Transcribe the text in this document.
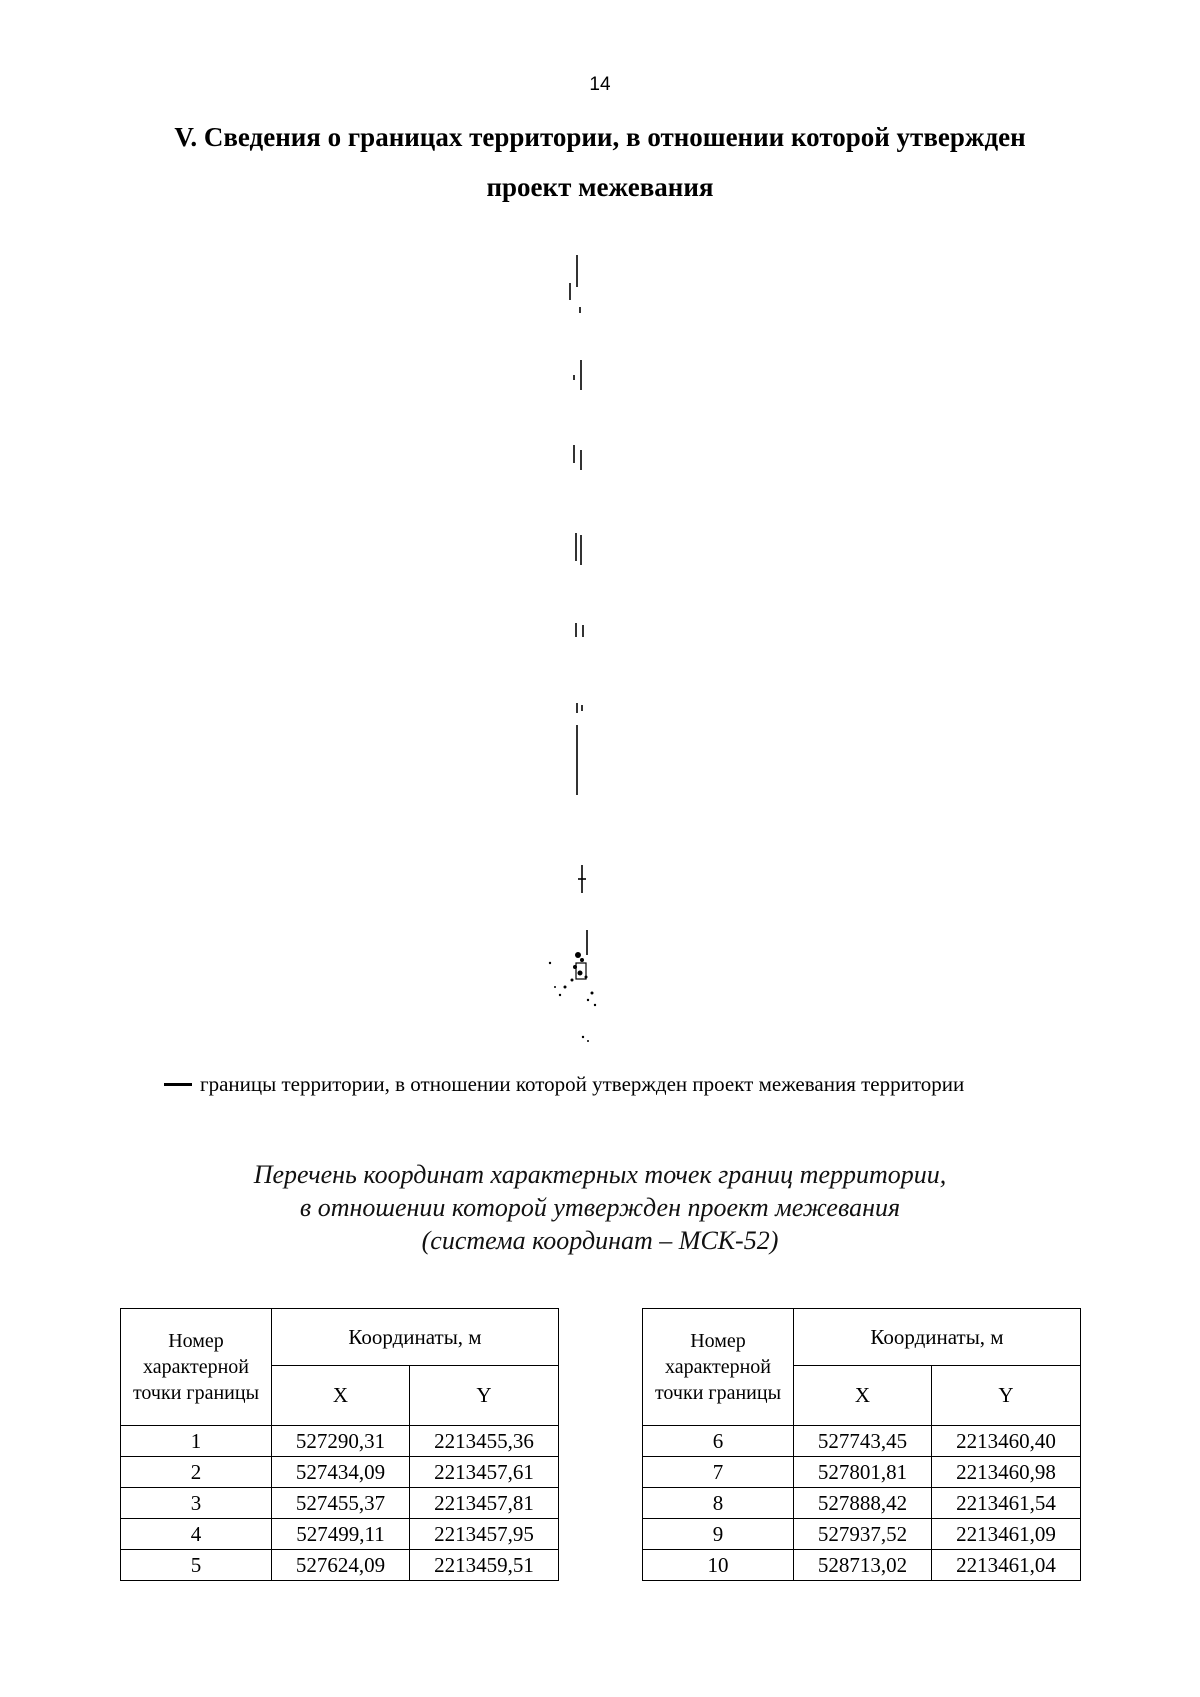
14
V. Сведения о границах территории, в отношении которой утвержден проект межевания
границы территории, в отношении которой утвержден проект межевания территории
Перечень координат характерных точек границ территории,
в отношении которой утвержден проект межевания
(система координат – МСК-52)
Номер характерной точки границы	Координаты, м	
	X	Y
1	527290,31	2213455,36
2	527434,09	2213457,61
3	527455,37	2213457,81
4	527499,11	2213457,95
5	527624,09	2213459,51
Номер характерной точки границы	Координаты, м	
	X	Y
6	527743,45	2213460,40
7	527801,81	2213460,98
8	527888,42	2213461,54
9	527937,52	2213461,09
10	528713,02	2213461,04
